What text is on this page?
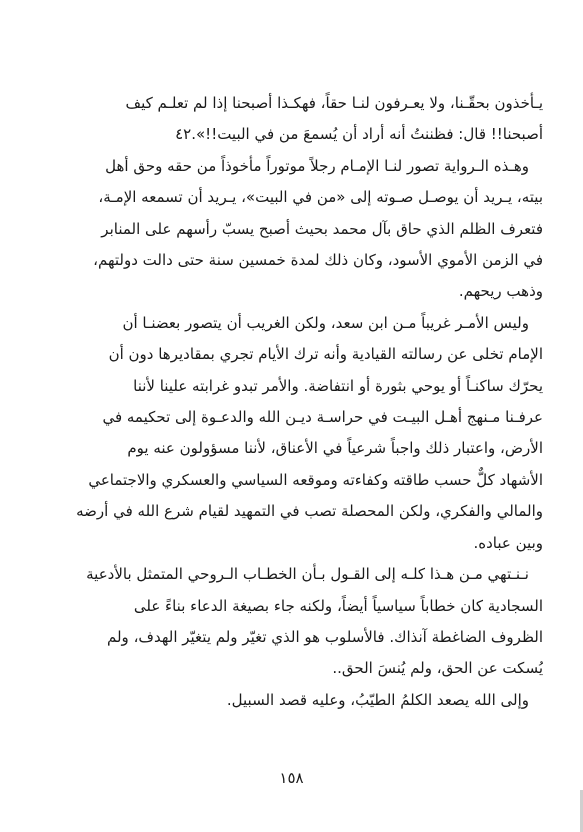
يـأخذون بحقّـنا، ولا يعـرفون لنـا حقاً، فهكـذا أصبحنا إذا لم تعلـم كيف
أصبحنا!! قال: فظننتُ أنه أراد أن يُسمعَ من في البيت!!».٤٢

وهـذه الـرواية تصور لنـا الإمـام رجلاً موتوراً مأخوذاً من حقه وحق أهل
بيته، يـريد أن يوصـل صـوته إلى «من في البيت»، يـريد أن تسمعه الإمـة،
فتعرف الظلم الذي حاق بآل محمد بحيث أصبح يسبّ رأسهم على المنابر
في الزمن الأموي الأسود، وكان ذلك لمدة خمسين سنة حتى دالت دولتهم،
وذهب ريحهم.

وليس الأمـر غريباً مـن ابن سعد، ولكن الغريب أن يتصور بعضنـا أن
الإمام تخلى عن رسالته القيادية وأنه ترك الأيام تجري بمقاديرها دون أن
يحرّك ساكنـاً أو يوحي بثورة أو انتفاضة. والأمر تبدو غرابته علينا لأننا
عرفـنا مـنهج أهـل البيـت في حراسـة ديـن الله والدعـوة إلى تحكيمه في
الأرض، واعتبار ذلك واجباً شرعياً في الأعناق، لأننا مسؤولون عنه يوم
الأشهاد كلٌّ حسب طاقته وكفاءته وموقعه السياسي والعسكري والاجتماعي
والمالي والفكري، ولكن المحصلة تصب في التمهيد لقيام شرع الله في أرضه
وبين عباده.

نـنـتهي مـن هـذا كلـه إلى القـول بـأن الخطـاب الـروحي المتمثل بالأدعية
السجادية كان خطاباً سياسياً أيضاً، ولكنه جاء بصيغة الدعاء بناءً على
الظروف الضاغطة آنذاك. فالأسلوب هو الذي تغيّر ولم يتغيّر الهدف، ولم
يُسكت عن الحق، ولم يُنسَ الحق..

وإلى الله يصعد الكلمُ الطيّبُ، وعليه قصد السبيل.

١٥٨
